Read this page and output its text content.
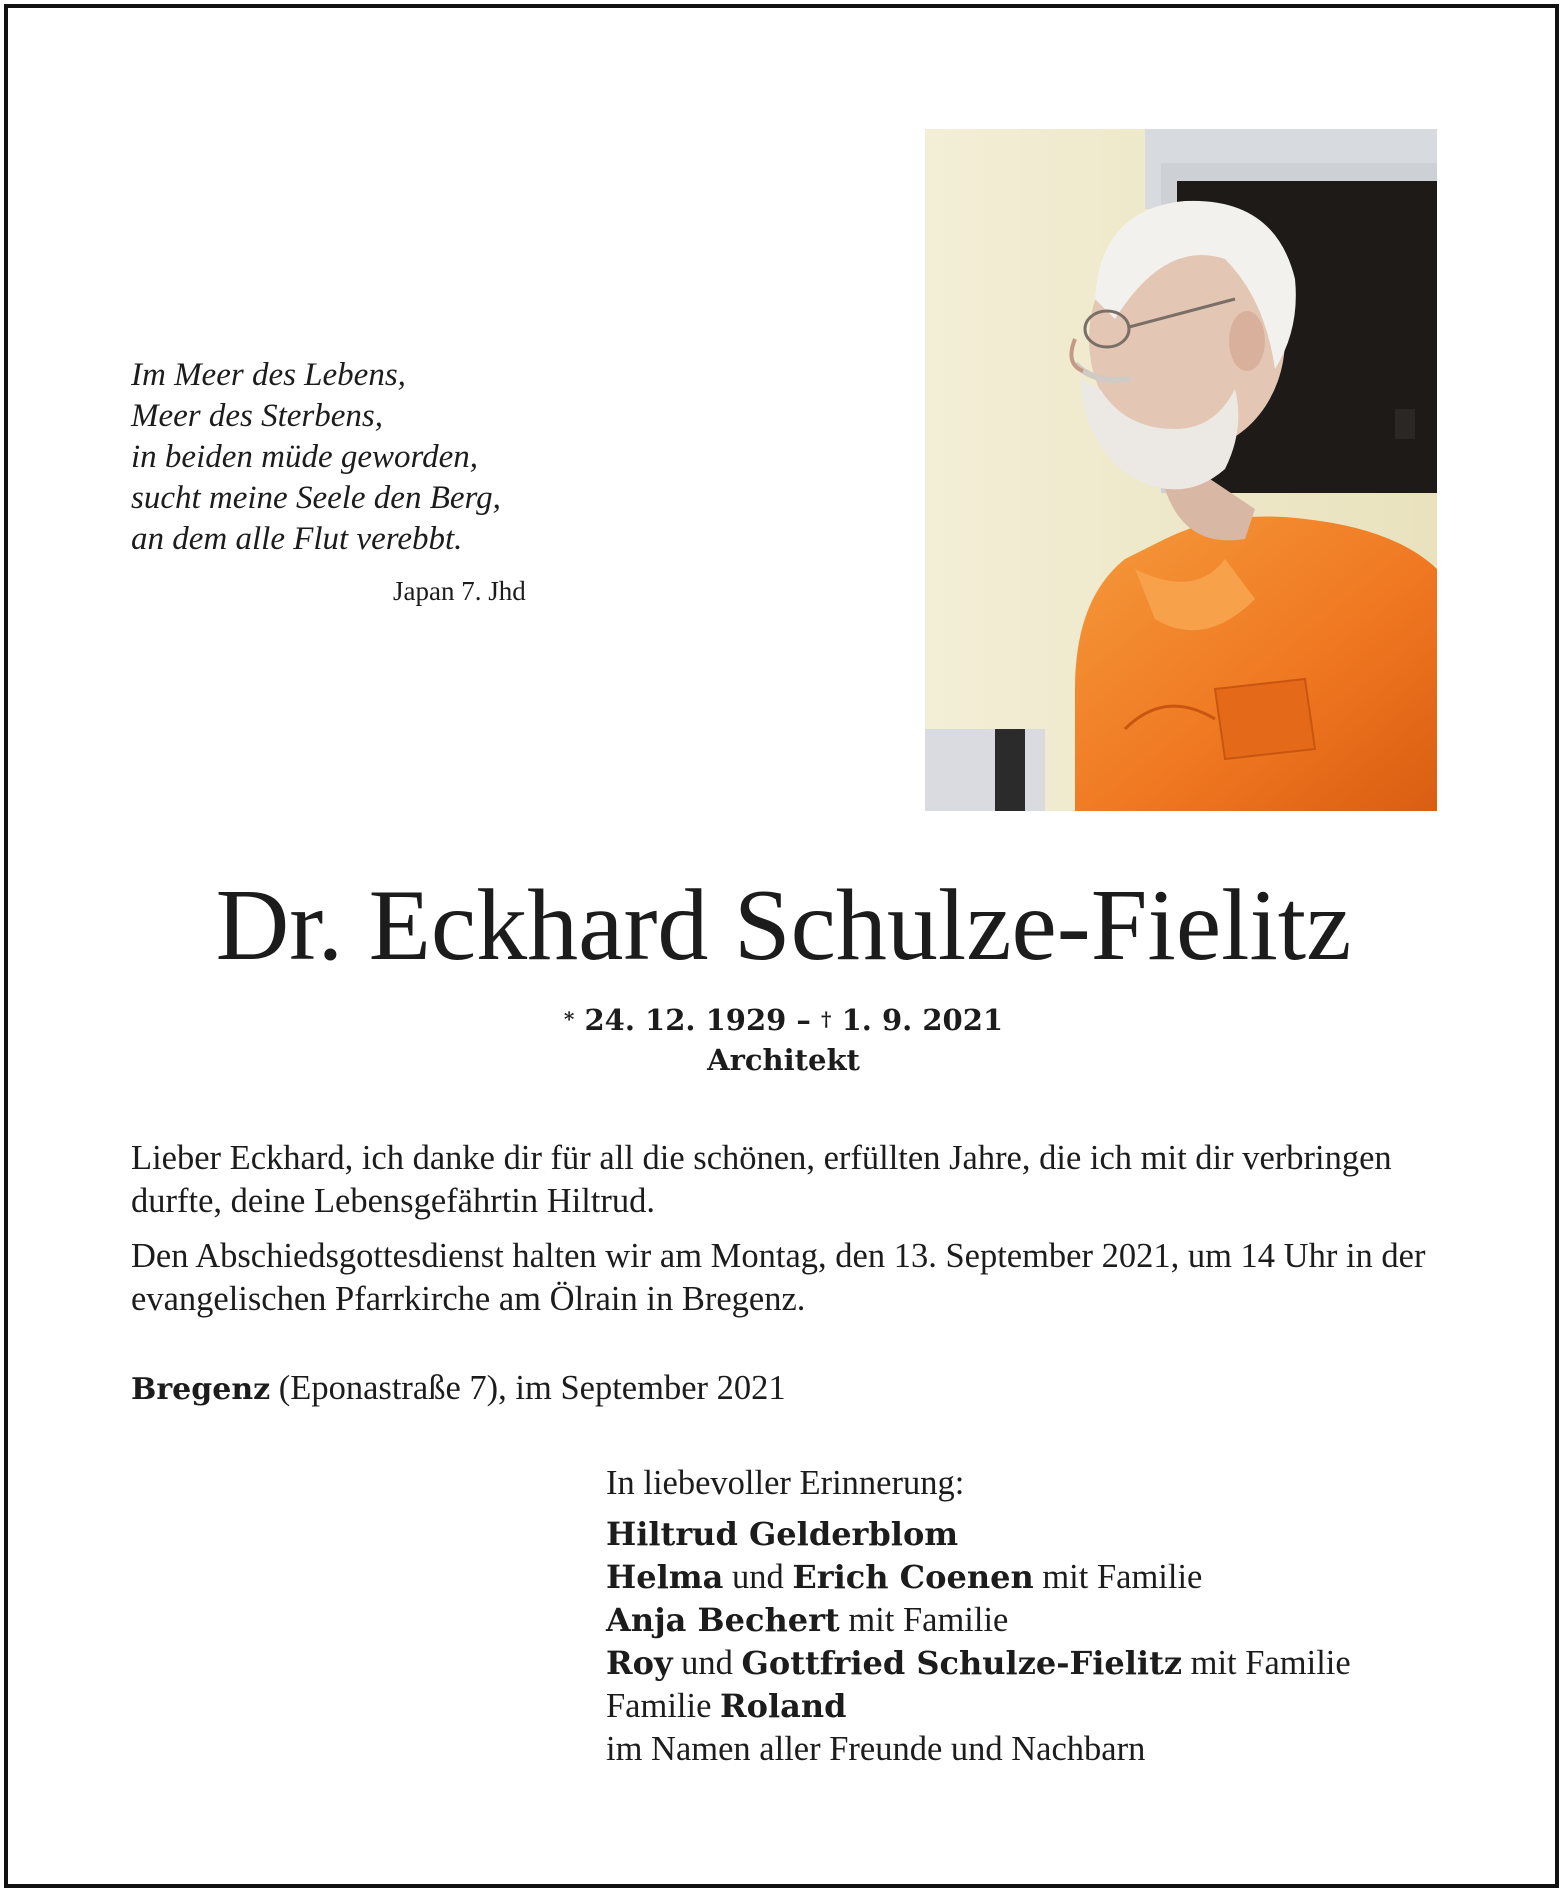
Im Meer des Lebens,
Meer des Sterbens,
in beiden müde geworden,
sucht meine Seele den Berg,
an dem alle Flut verebbt.
Japan 7. Jhd
Dr. Eckhard Schulze-Fielitz
* 24. 12. 1929 – † 1. 9. 2021
Architekt

Lieber Eckhard, ich danke dir für all die schönen, erfüllten Jahre, die ich mit dir verbringen durfte, deine Lebensgefährtin Hiltrud.

Den Abschiedsgottesdienst halten wir am Montag, den 13. September 2021, um 14 Uhr in der evangelischen Pfarrkirche am Ölrain in Bregenz.

Bregenz (Eponastraße 7), im September 2021
In liebevoller Erinnerung:
Hiltrud Gelderblom
Helma und Erich Coenen mit Familie
Anja Bechert mit Familie
Roy und Gottfried Schulze-Fielitz mit Familie
Familie Roland
im Namen aller Freunde und Nachbarn
